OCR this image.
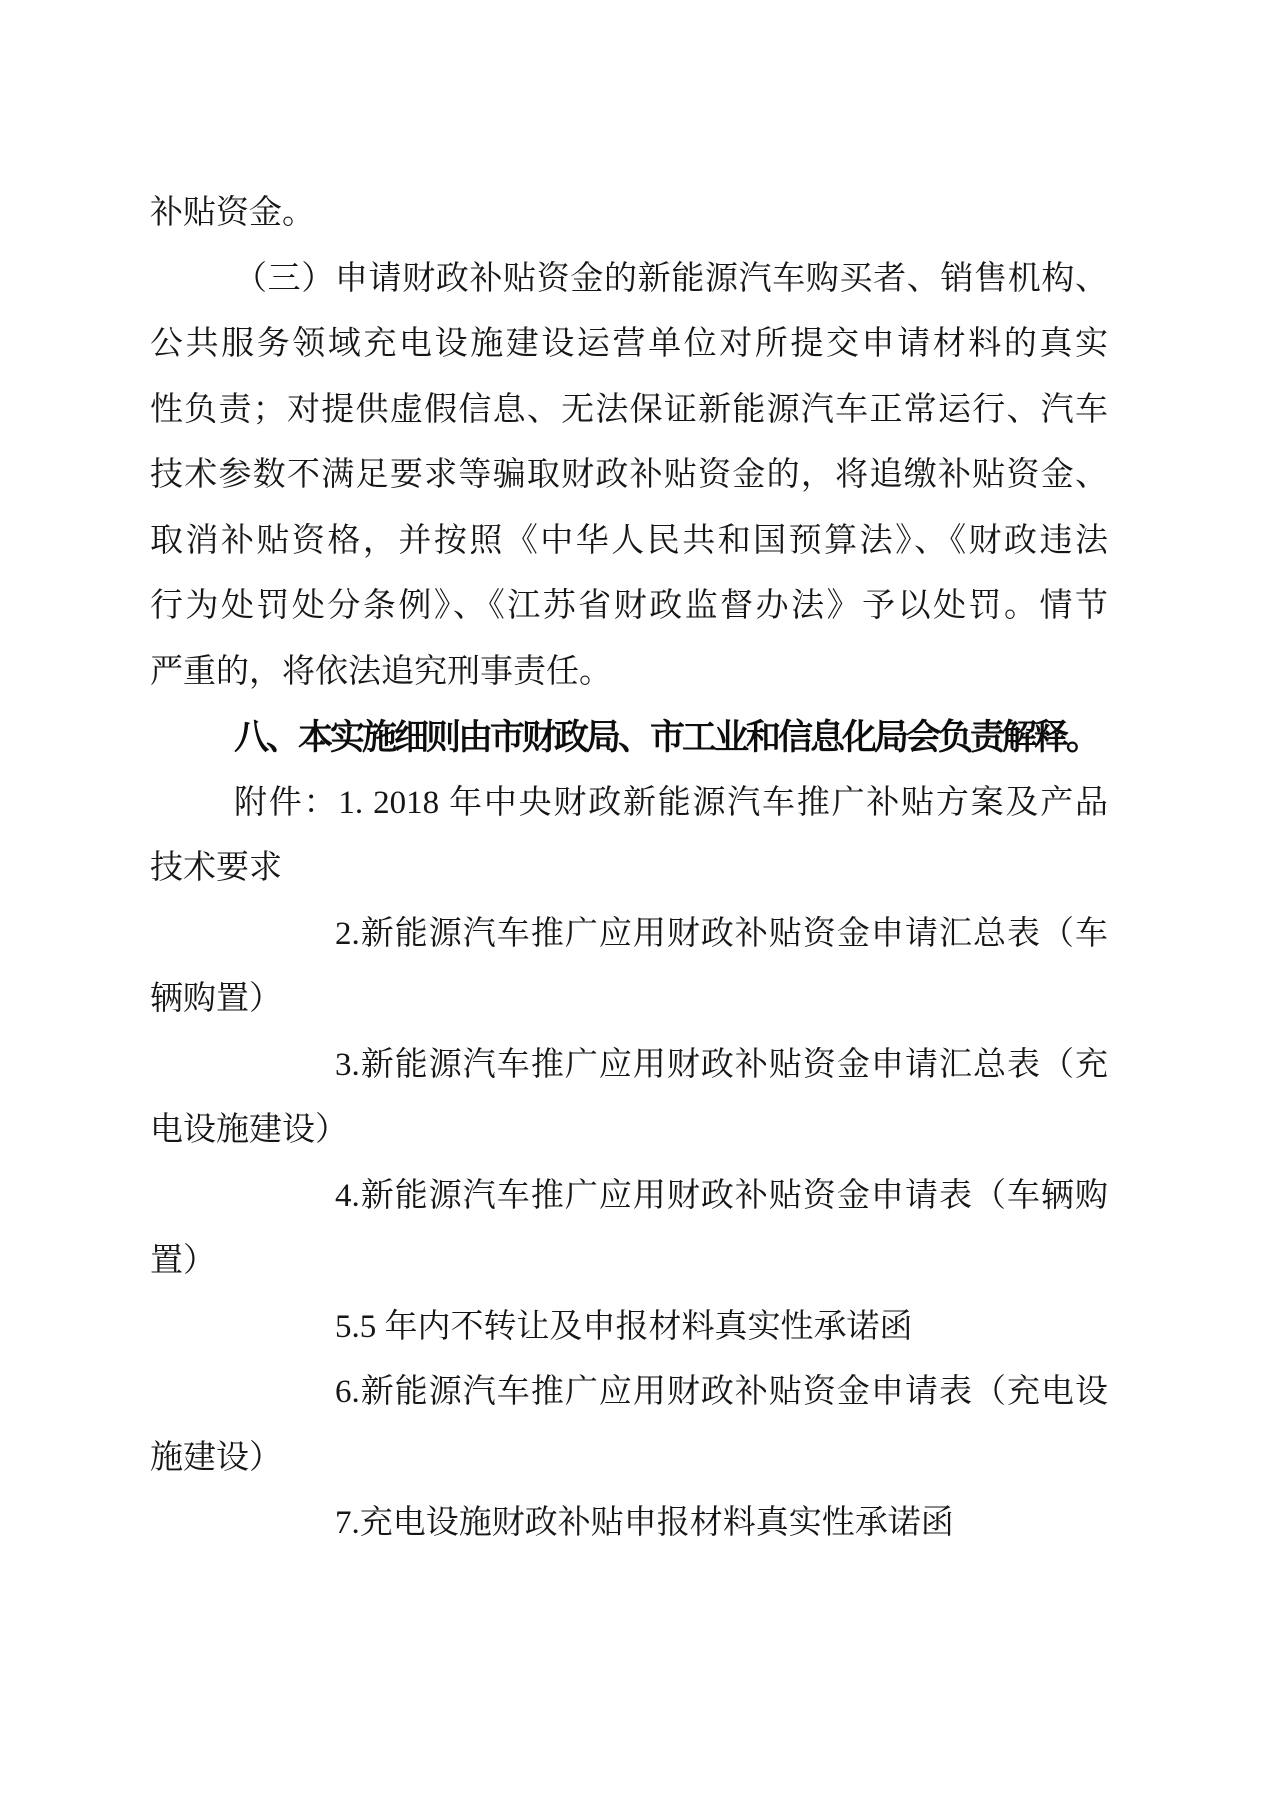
补贴资金。
（三）申请财政补贴资金的新能源汽车购买者、销售机构、
公共服务领域充电设施建设运营单位对所提交申请材料的真实
性负责；对提供虚假信息、无法保证新能源汽车正常运行、汽车
技术参数不满足要求等骗取财政补贴资金的，将追缴补贴资金、
取消补贴资格，并按照《中华人民共和国预算法》、《财政违法
行为处罚处分条例》、《江苏省财政监督办法》予以处罚。情节
严重的，将依法追究刑事责任。
八、本实施细则由市财政局、市工业和信息化局会负责解释。
附件：1. 2018 年中央财政新能源汽车推广补贴方案及产品
技术要求
2.新能源汽车推广应用财政补贴资金申请汇总表（车
辆购置）
3.新能源汽车推广应用财政补贴资金申请汇总表（充
电设施建设）
4.新能源汽车推广应用财政补贴资金申请表（车辆购
置）
5.5 年内不转让及申报材料真实性承诺函
6.新能源汽车推广应用财政补贴资金申请表（充电设
施建设）
7.充电设施财政补贴申报材料真实性承诺函
